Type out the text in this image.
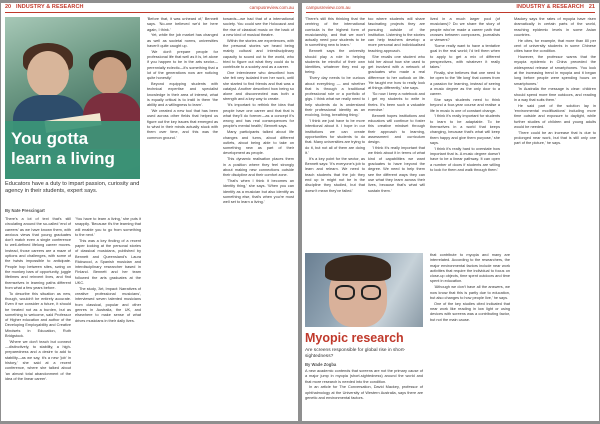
20 INDUSTRY & RESEARCH	campusreview.com.au
You gotta
learn a living
Educators have a duty to impart passion, curiosity and agency in their students, expert says.
By Nate Prescingart

There's a lot of text that's still circulating around the so-called 'end of careers' as we have known them, with anxious views that young graduates don't match even a single conference to well-defined lifelong career moves. Instead, those careers are a maze of options and challenges, with some of the twists impossible to anticipate. People hop between sites, swing on the monkey bars of opportunity, juggle lifetimes and reinvent lives, and find themselves in learning paths different from what a few years before.

To describe this situation as new, though, wouldn't be entirely accurate. Even if we consider a future, it should be treated not as a burden, but as something to welcome, said Professor of Higher education and author of the Developing Employability and Creative Mindsets in Education, Ruth Bridgstock.

'Where we don't teach but connect—distinctively, to stability, a high-preparedness and a desire to add to stability—as we say, it's a new 'job' in history,' she said at a recent conference, where she talked about 'an almost total abandonment of the idea of the linear career'.

'You have to learn a living,' she puts it snappily. 'Because it's the learning that will enable you to go from something to the next.'

This was a key finding of a recent paper looking at the personal stories of classical musicians, published by Bennett and Queensland's Laura Rickwood, a Spanish musician and interdisciplinary researcher based in Finland. Bennett and her team followed the arts graduates at the UKC.

The study, 'Art, Impact: Narratives of creative professional musicians', interviewed seven talented musicians from classical, popular and other genres in Australia, the UK, and elsewhere to make sense of what drives musicians in their daily lives.

'Before that, it was unheard of,' Bennett says. 'No-one believed we'd be here again, I think.'

Yet, while the job market has changed as well as societal norms, universities haven't quite caught up.

'We don't prepare people for professional life that well as it is, let alone if you happen to be in the arts sector—perennially eclectic—it's something that a lot of the generations now are noticing quite honestly.'

Beyond equipping students with technical expertise and specialist knowledge in their area of interest, what is equally critical is to instil in them 'the ability and a willingness to learn'.

'We created a new tool that has been used across other fields that helped us figure out the key issues that emerged as to what in their minds actually stuck with them over time, and this was the common ground.'

towards—we had that of a international society. You could see the Holocaust and the rise of classical music on the back of a new kind of musical theatre.

Within the stories are experiences, with the personal stories we heard being mainly cultural and interdisciplinary capacity to sound out to the world, who tried to figure out what they could do to contribute to a society and as a career.

One interviewee who described how she felt very isolated from her work, until she started to find friends and that was a catalyst. Another described how being so alone and disconnected was both a strength and a key way to create.

'It's important to rethink the idea that people have one career and that that is what they'll do forever—as a concept it's wrong and has real consequences for people's mental health,' Bennett says.

Many participants talked about life changes and turns, about different outlets, about being able to take on something new as part of their development as people.

This dynamic realisation places them in a position where they feel strongly about making new connections outside their discipline and their comfort zone.

'That's when I think it becomes an identity thing,' she says. 'When you can identify as a musician but also identify as something else, that's when you're most well set to learn a living.'

campusreview.com.au	INDUSTRY & RESEARCH 21

'There's still this thinking that the centring of the international curricula is the highest form of musicianship, and that we won't actually need your students to be in something new to learn.'

Bennett says the university should play a role in helping students be mindful of their own identities, whatever they end up being.

'Every day needs to be curious about everything — and whether that is through a traditional professional role or a portfolio of gigs. I think what we really need to help students do is understand their professional identity as an evolving, living, breathing thing.'

'I think we just have to be more intentional about it. I hope in our institutions we can create opportunities for students to do that. Many universities are trying to do it, but not all of them are doing it.'

It's a key point for the sector, as Bennett says: 'It's everyone's job to learn and relearn. We need to teach students that the job they end up in might not be in the discipline they studied, but that doesn't mean they've failed.'

too where students will share fascinating projects they are pursuing outside of the institution. Listening to the stories can help teachers develop a more personal and individualised teaching approach.

She recalls one student who told her about how she used to get involved with a network of graduates who made a real difference to her outlook on life. 'He taught me how to really look at things differently,' she says.

'So now I keep a notebook and I get my students to write in theirs. It's been such a valuable exercise.'

Bennett hopes institutions and educators will continue to foster this creative mindset through their approach to learning, assessment and curriculum design.

'I think it's really important that we think about it in terms of what kind of capabilities we want graduates to have beyond the degree. We need to help them see the different ways they can use what they learn across their lives, because that's what will sustain them.'

lived in a much larger pool (of musicians)? Do we share the story of people who've made a career path that crosses between composers, journalists or viewers?

'Some really want to have a tentative goal in the real world; I'd tell them when to apply to get a mix of different perspectives, with whatever it really takes.'

Finally, she believes that one need to be open to the 'life long' that comes from a passion for learning, instead of seeing a music degree as the only door to a career.

She says students need to think beyond a four-year course and realise a life in music is one of constant change.

'I think it's really important for students to learn to be adaptable. To be themselves in a world that keeps changing, because that's what will keep them happy and give them purpose,' she says.

'I think it's really hard to overstate how important that is. A music degree doesn't have to be a linear pathway. It can open a number of doors if students are willing to look for them and walk through them.'

Myopic research
Are screens responsible for global rise in short-sightedness?
By Wade Zogba

A new academic contends that screens are not the primary cause of a major jump in myopia (short-sightedness) around the world and that more research is needed into the condition.

In an article for The Conversation, David Mackey, professor of ophthalmology at the University of Western Australia, says there are genetic and environmental factors.

that contribute to myopia and many are interrelated. According to the researchers, the major environmental factors include near work activities that require the individual to focus on close-up objects, time spent outdoors and time spent in education.

'Although we don't have all the answers, we now know that this is partly due to education, but also changes to how people live,' he says.

One of the key studies cited indicated that near work like reading in low light or using devices with screens was a contributing factor, but not the main cause.

Mackey says the rates of myopia have risen dramatically in certain parts of the world, reaching epidemic levels in some Asian countries.

He cites, for example, that more than 80 per cent of university students in some Chinese cities have the condition.

However, the professor warns that the myopia epidemic in China preceded the widespread release of smartphones. 'You look at the increasing trend in myopia and it began long before people were spending hours on smartphones.'

'In Australia the message is clear: children should spend more time outdoors, and reading in a way that suits them.'

He said part of the solution lay in 'environmental modifications' including more time outside and exposure to daylight, while further studies of children and young adults would be needed.

'There could be an increase that is due to prolonged near work, but that is still only one part of the picture,' he says.
